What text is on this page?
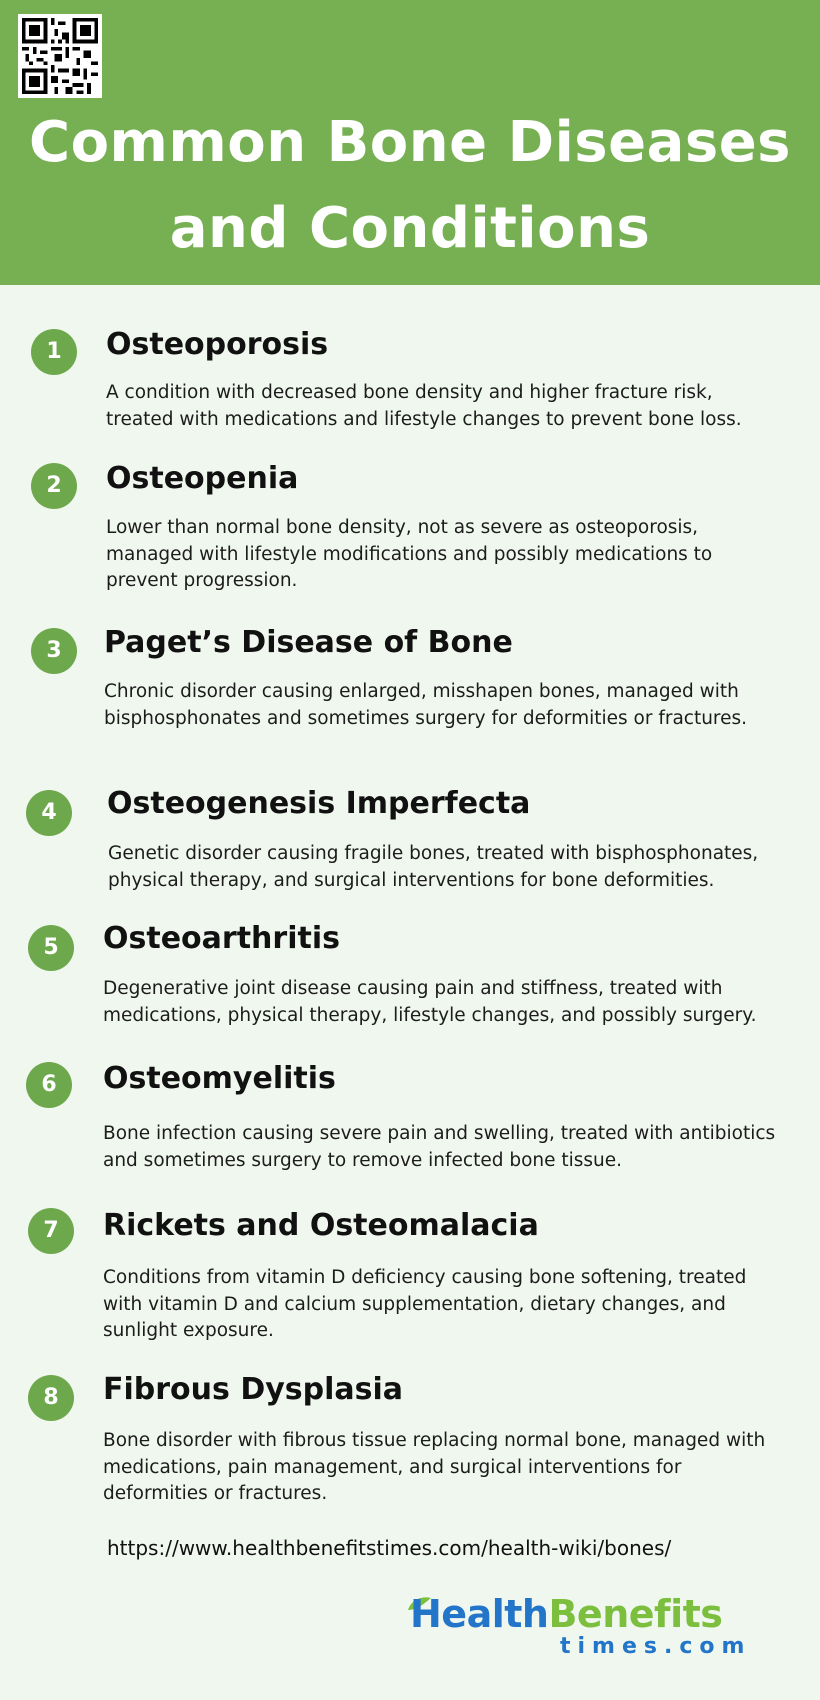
Common Bone Diseases
and Conditions
1	Osteoporosis
A condition with decreased bone density and higher fracture risk, treated with medications and lifestyle changes to prevent bone loss.
2	Osteopenia
Lower than normal bone density, not as severe as osteoporosis, managed with lifestyle modifications and possibly medications to prevent progression.
3	Paget’s Disease of Bone
Chronic disorder causing enlarged, misshapen bones, managed with bisphosphonates and sometimes surgery for deformities or fractures.
4	Osteogenesis Imperfecta
Genetic disorder causing fragile bones, treated with bisphosphonates, physical therapy, and surgical interventions for bone deformities.
5	Osteoarthritis
Degenerative joint disease causing pain and stiffness, treated with medications, physical therapy, lifestyle changes, and possibly surgery.
6	Osteomyelitis
Bone infection causing severe pain and swelling, treated with antibiotics and sometimes surgery to remove infected bone tissue.
7	Rickets and Osteomalacia
Conditions from vitamin D deficiency causing bone softening, treated with vitamin D and calcium supplementation, dietary changes, and sunlight exposure.
8	Fibrous Dysplasia
Bone disorder with fibrous tissue replacing normal bone, managed with medications, pain management, and surgical interventions for deformities or fractures.
https://www.healthbenefitstimes.com/health-wiki/bones/
HealthBenefits
times.com
